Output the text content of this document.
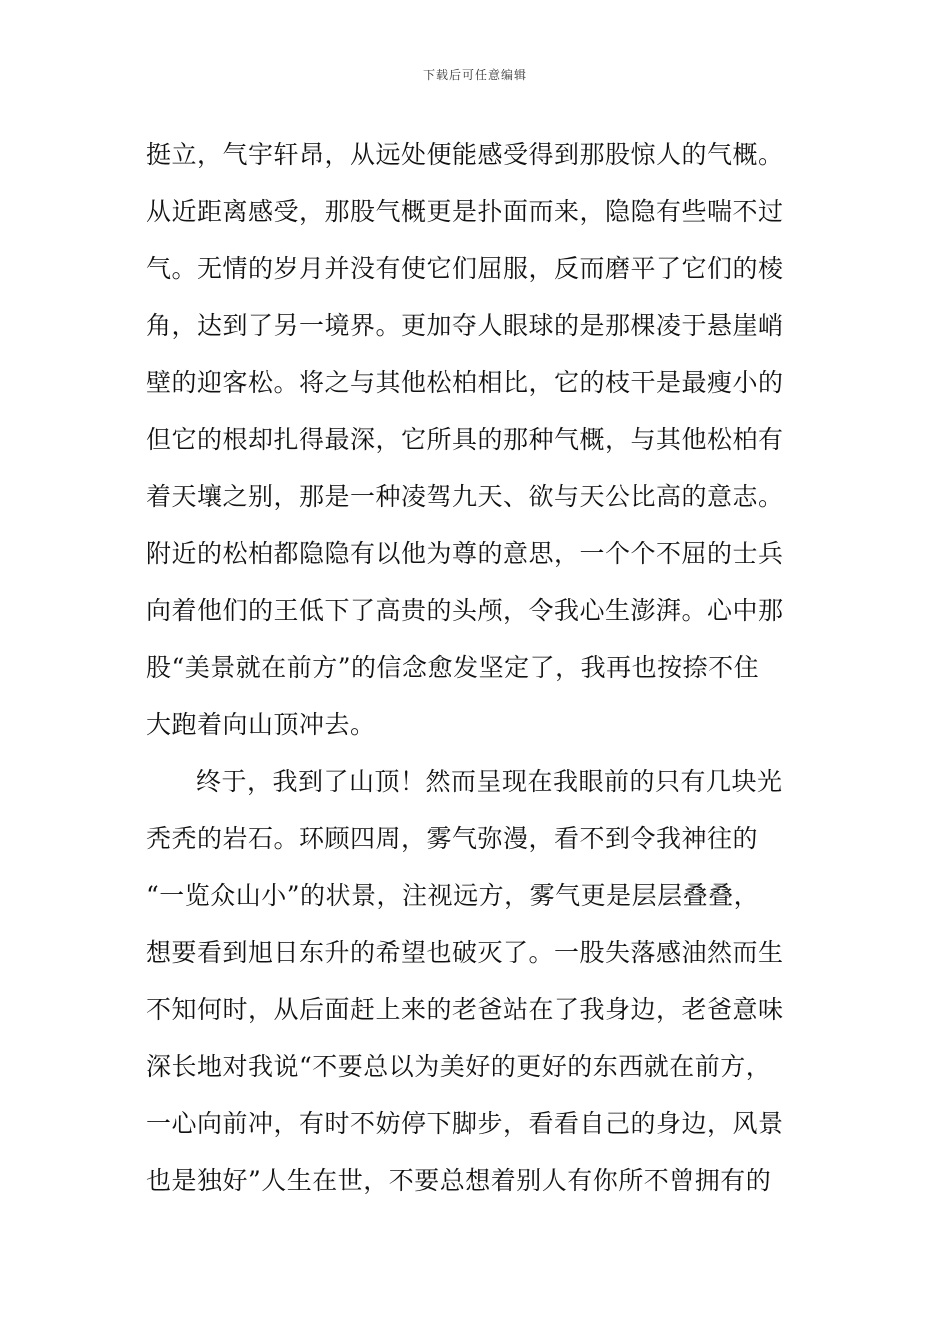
下载后可任意编辑
挺立，气宇轩昂，从远处便能感受得到那股惊人的气概。
从近距离感受，那股气概更是扑面而来，隐隐有些喘不过
气。无情的岁月并没有使它们屈服，反而磨平了它们的棱
角，达到了另一境界。更加夺人眼球的是那棵凌于悬崖峭
壁的迎客松。将之与其他松柏相比，它的枝干是最瘦小的
但它的根却扎得最深，它所具的那种气概，与其他松柏有
着天壤之别，那是一种凌驾九天、欲与天公比高的意志。
附近的松柏都隐隐有以他为尊的意思，一个个不屈的士兵
向着他们的王低下了高贵的头颅，令我心生澎湃。心中那
股“美景就在前方”的信念愈发坚定了，我再也按捺不住
大跑着向山顶冲去。
终于，我到了山顶！然而呈现在我眼前的只有几块光
秃秃的岩石。环顾四周，雾气弥漫，看不到令我神往的
“一览众山小”的状景，注视远方，雾气更是层层叠叠，
想要看到旭日东升的希望也破灭了。一股失落感油然而生
不知何时，从后面赶上来的老爸站在了我身边，老爸意味
深长地对我说“不要总以为美好的更好的东西就在前方，
一心向前冲，有时不妨停下脚步，看看自己的身边，风景
也是独好”人生在世，不要总想着别人有你所不曾拥有的
